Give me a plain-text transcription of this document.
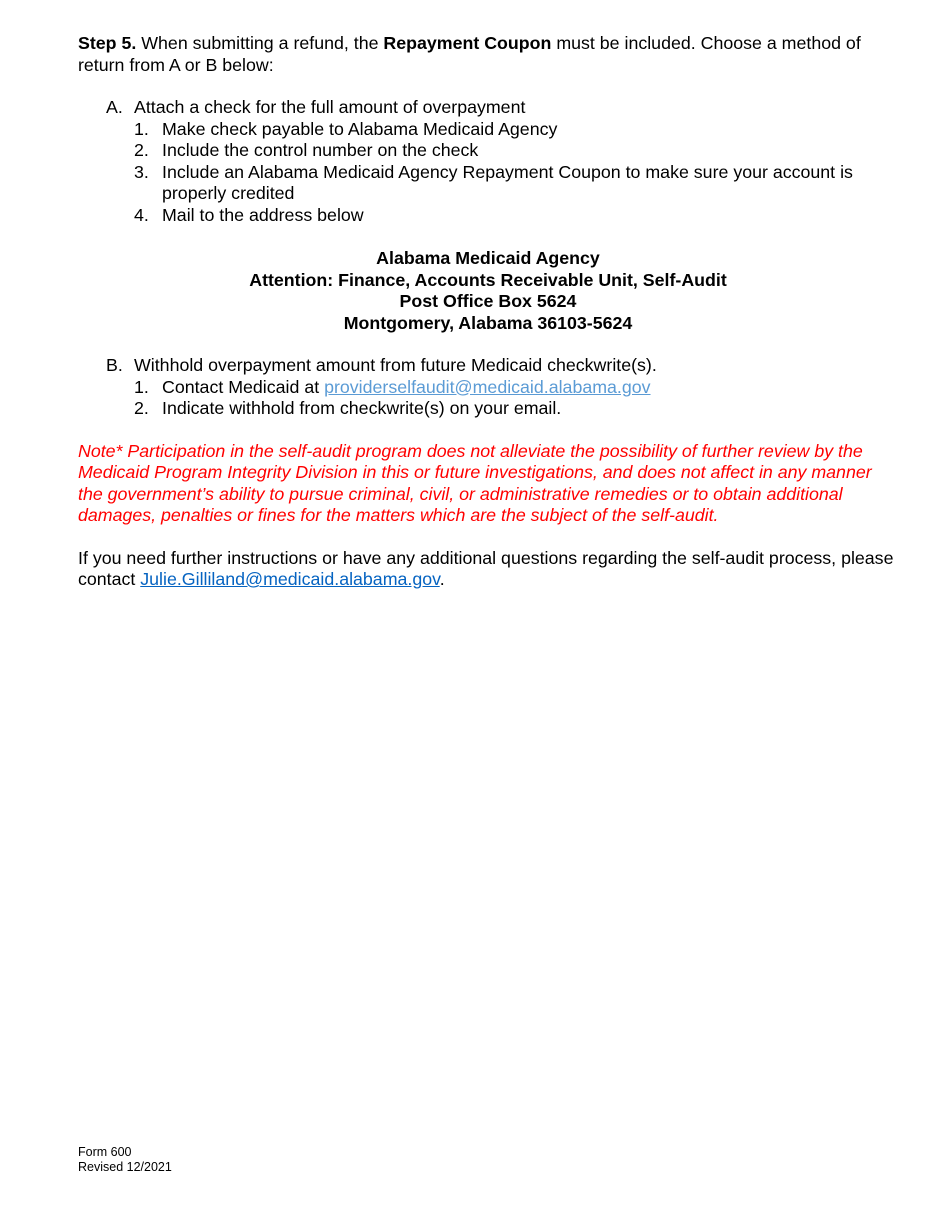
Step 5. When submitting a refund, the Repayment Coupon must be included. Choose a method of return from A or B below:

A. Attach a check for the full amount of overpayment
1. Make check payable to Alabama Medicaid Agency
2. Include the control number on the check
3. Include an Alabama Medicaid Agency Repayment Coupon to make sure your account is properly credited
4. Mail to the address below
Alabama Medicaid Agency
Attention: Finance, Accounts Receivable Unit, Self-Audit
Post Office Box 5624
Montgomery, Alabama 36103-5624
B. Withhold overpayment amount from future Medicaid checkwrite(s).
1. Contact Medicaid at providerselfaudit@medicaid.alabama.gov
2. Indicate withhold from checkwrite(s) on your email.

Note* Participation in the self-audit program does not alleviate the possibility of further review by the Medicaid Program Integrity Division in this or future investigations, and does not affect in any manner the government’s ability to pursue criminal, civil, or administrative remedies or to obtain additional damages, penalties or fines for the matters which are the subject of the self-audit.

If you need further instructions or have any additional questions regarding the self-audit process, please contact Julie.Gilliland@medicaid.alabama.gov.

Form 600
Revised 12/2021
